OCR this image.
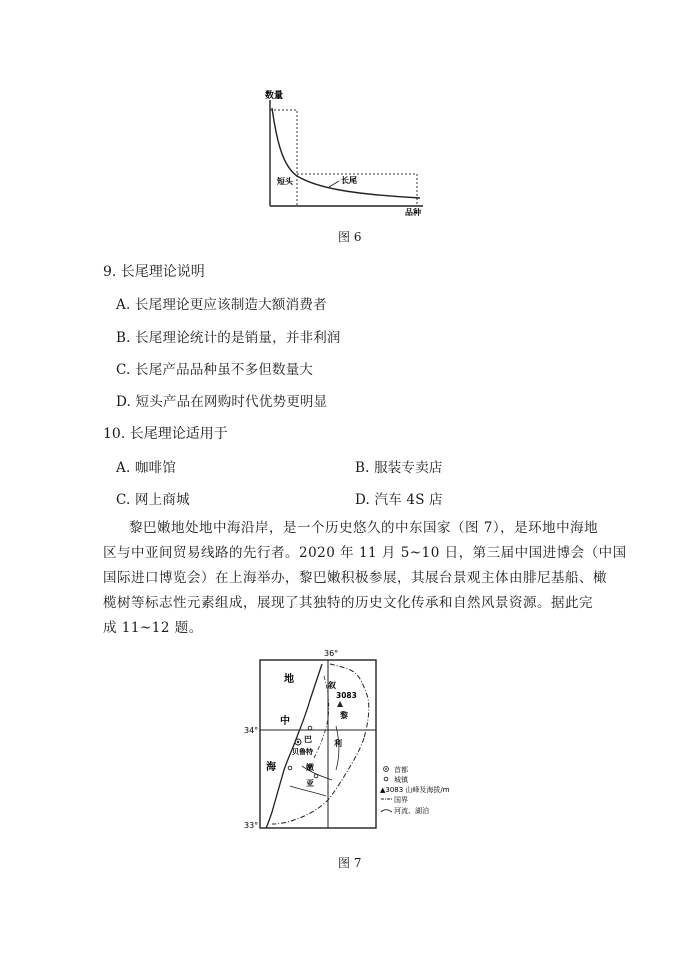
数量
品种
短头	长尾
图 6
9. 长尾理论说明
A. 长尾理论更应该制造大额消费者
B. 长尾理论统计的是销量，并非利润
C. 长尾产品品种虽不多但数量大
D. 短头产品在网购时代优势更明显
10. 长尾理论适用于
A. 咖啡馆	B. 服装专卖店
C. 网上商城	D. 汽车 4S 店
黎巴嫩地处地中海沿岸，是一个历史悠久的中东国家（图 7），是环地中海地
区与中亚间贸易线路的先行者。2020 年 11 月 5~10 日，第三届中国进博会（中国
国际进口博览会）在上海举办，黎巴嫩积极参展，其展台景观主体由腓尼基船、橄
榄树等标志性元素组成，展现了其独特的历史文化传承和自然风景资源。据此完
成 11~12 题。
36°
34°
33°
地
中
海
3083
黎
巴
嫩
叙
利
亚
贝鲁特
首都
城镇
▲3083 山峰及海拔/m
国界
河流、湖泊
图 7
